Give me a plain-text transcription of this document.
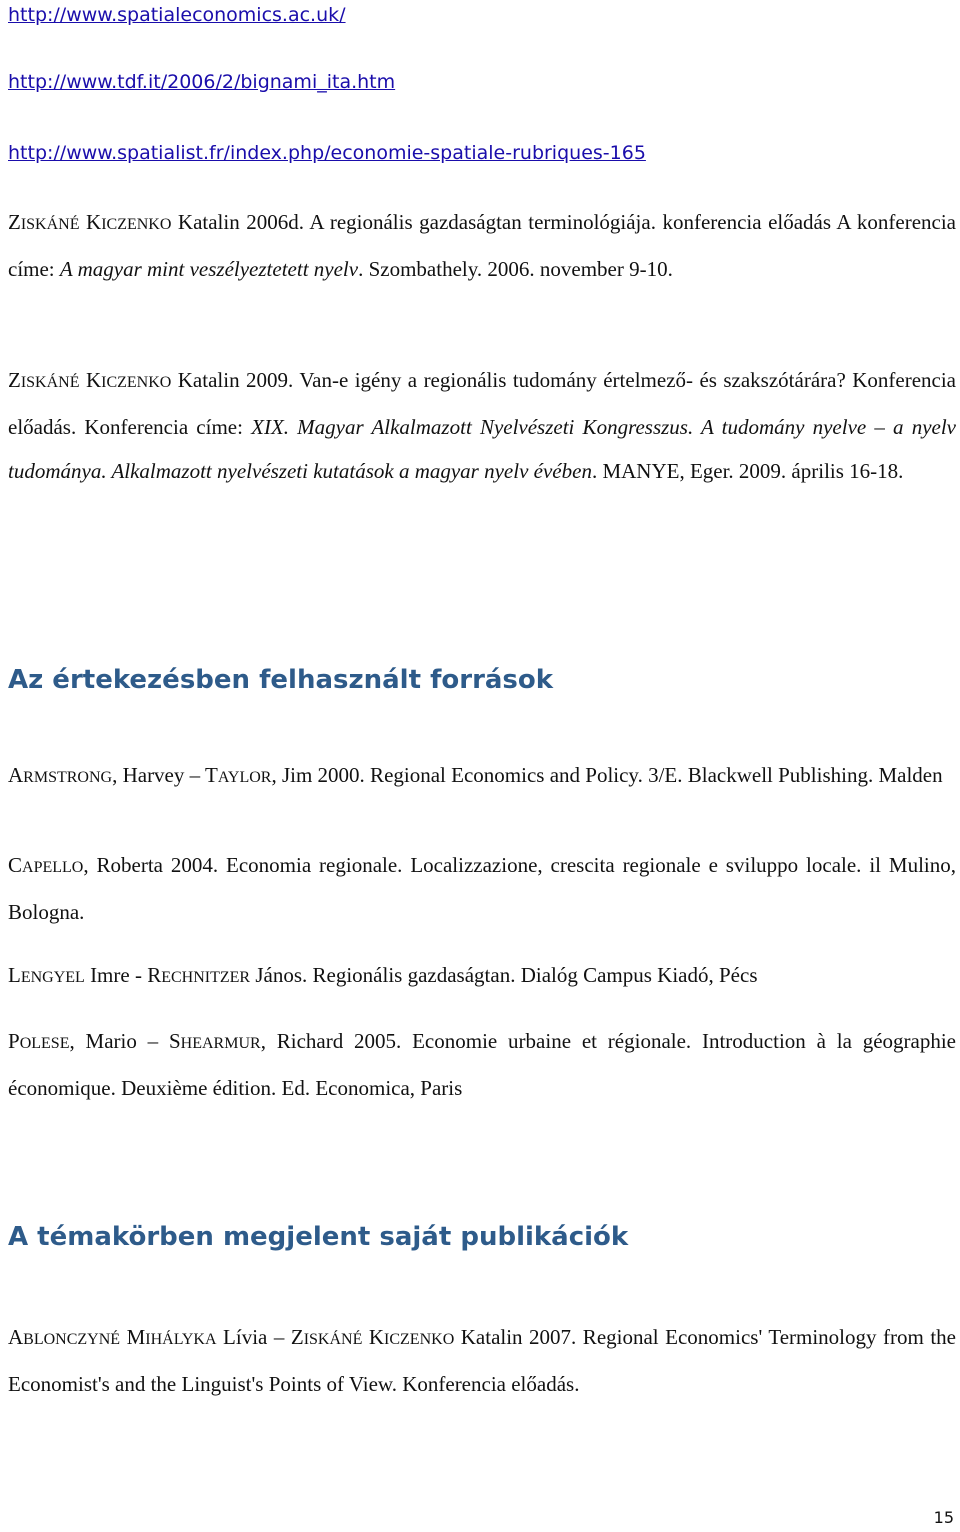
http://www.spatialeconomics.ac.uk/
http://www.tdf.it/2006/2/bignami_ita.htm
http://www.spatialist.fr/index.php/economie-spatiale-rubriques-165
ZISKÁNÉ KICZENKO Katalin 2006d. A regionális gazdaságtan terminológiája. konferencia előadás A konferencia címe: A magyar mint veszélyeztetett nyelv. Szombathely. 2006. november 9-10.
ZISKÁNÉ KICZENKO Katalin 2009. Van-e igény a regionális tudomány értelmező- és szakszótárára? Konferencia előadás. Konferencia címe: XIX. Magyar Alkalmazott Nyelvészeti Kongresszus. A tudomány nyelve – a nyelv tudománya. Alkalmazott nyelvészeti kutatások a magyar nyelv évében. MANYE, Eger. 2009. április 16-18.
Az értekezésben felhasznált források
ARMSTRONG, Harvey – TAYLOR, Jim 2000. Regional Economics and Policy. 3/E. Blackwell Publishing. Malden
CAPELLO, Roberta 2004. Economia regionale. Localizzazione, crescita regionale e sviluppo locale. il Mulino, Bologna.
LENGYEL Imre - RECHNITZER János. Regionális gazdaságtan. Dialóg Campus Kiadó, Pécs
POLESE, Mario – SHEARMUR, Richard 2005. Economie urbaine et régionale. Introduction à la géographie économique. Deuxième édition. Ed. Economica, Paris
A témakörben megjelent saját publikációk
ABLONCZYNÉ MIHÁLYKA Lívia – ZISKÁNÉ KICZENKO Katalin 2007. Regional Economics' Terminology from the Economist's and the Linguist's Points of View. Konferencia előadás.
15
